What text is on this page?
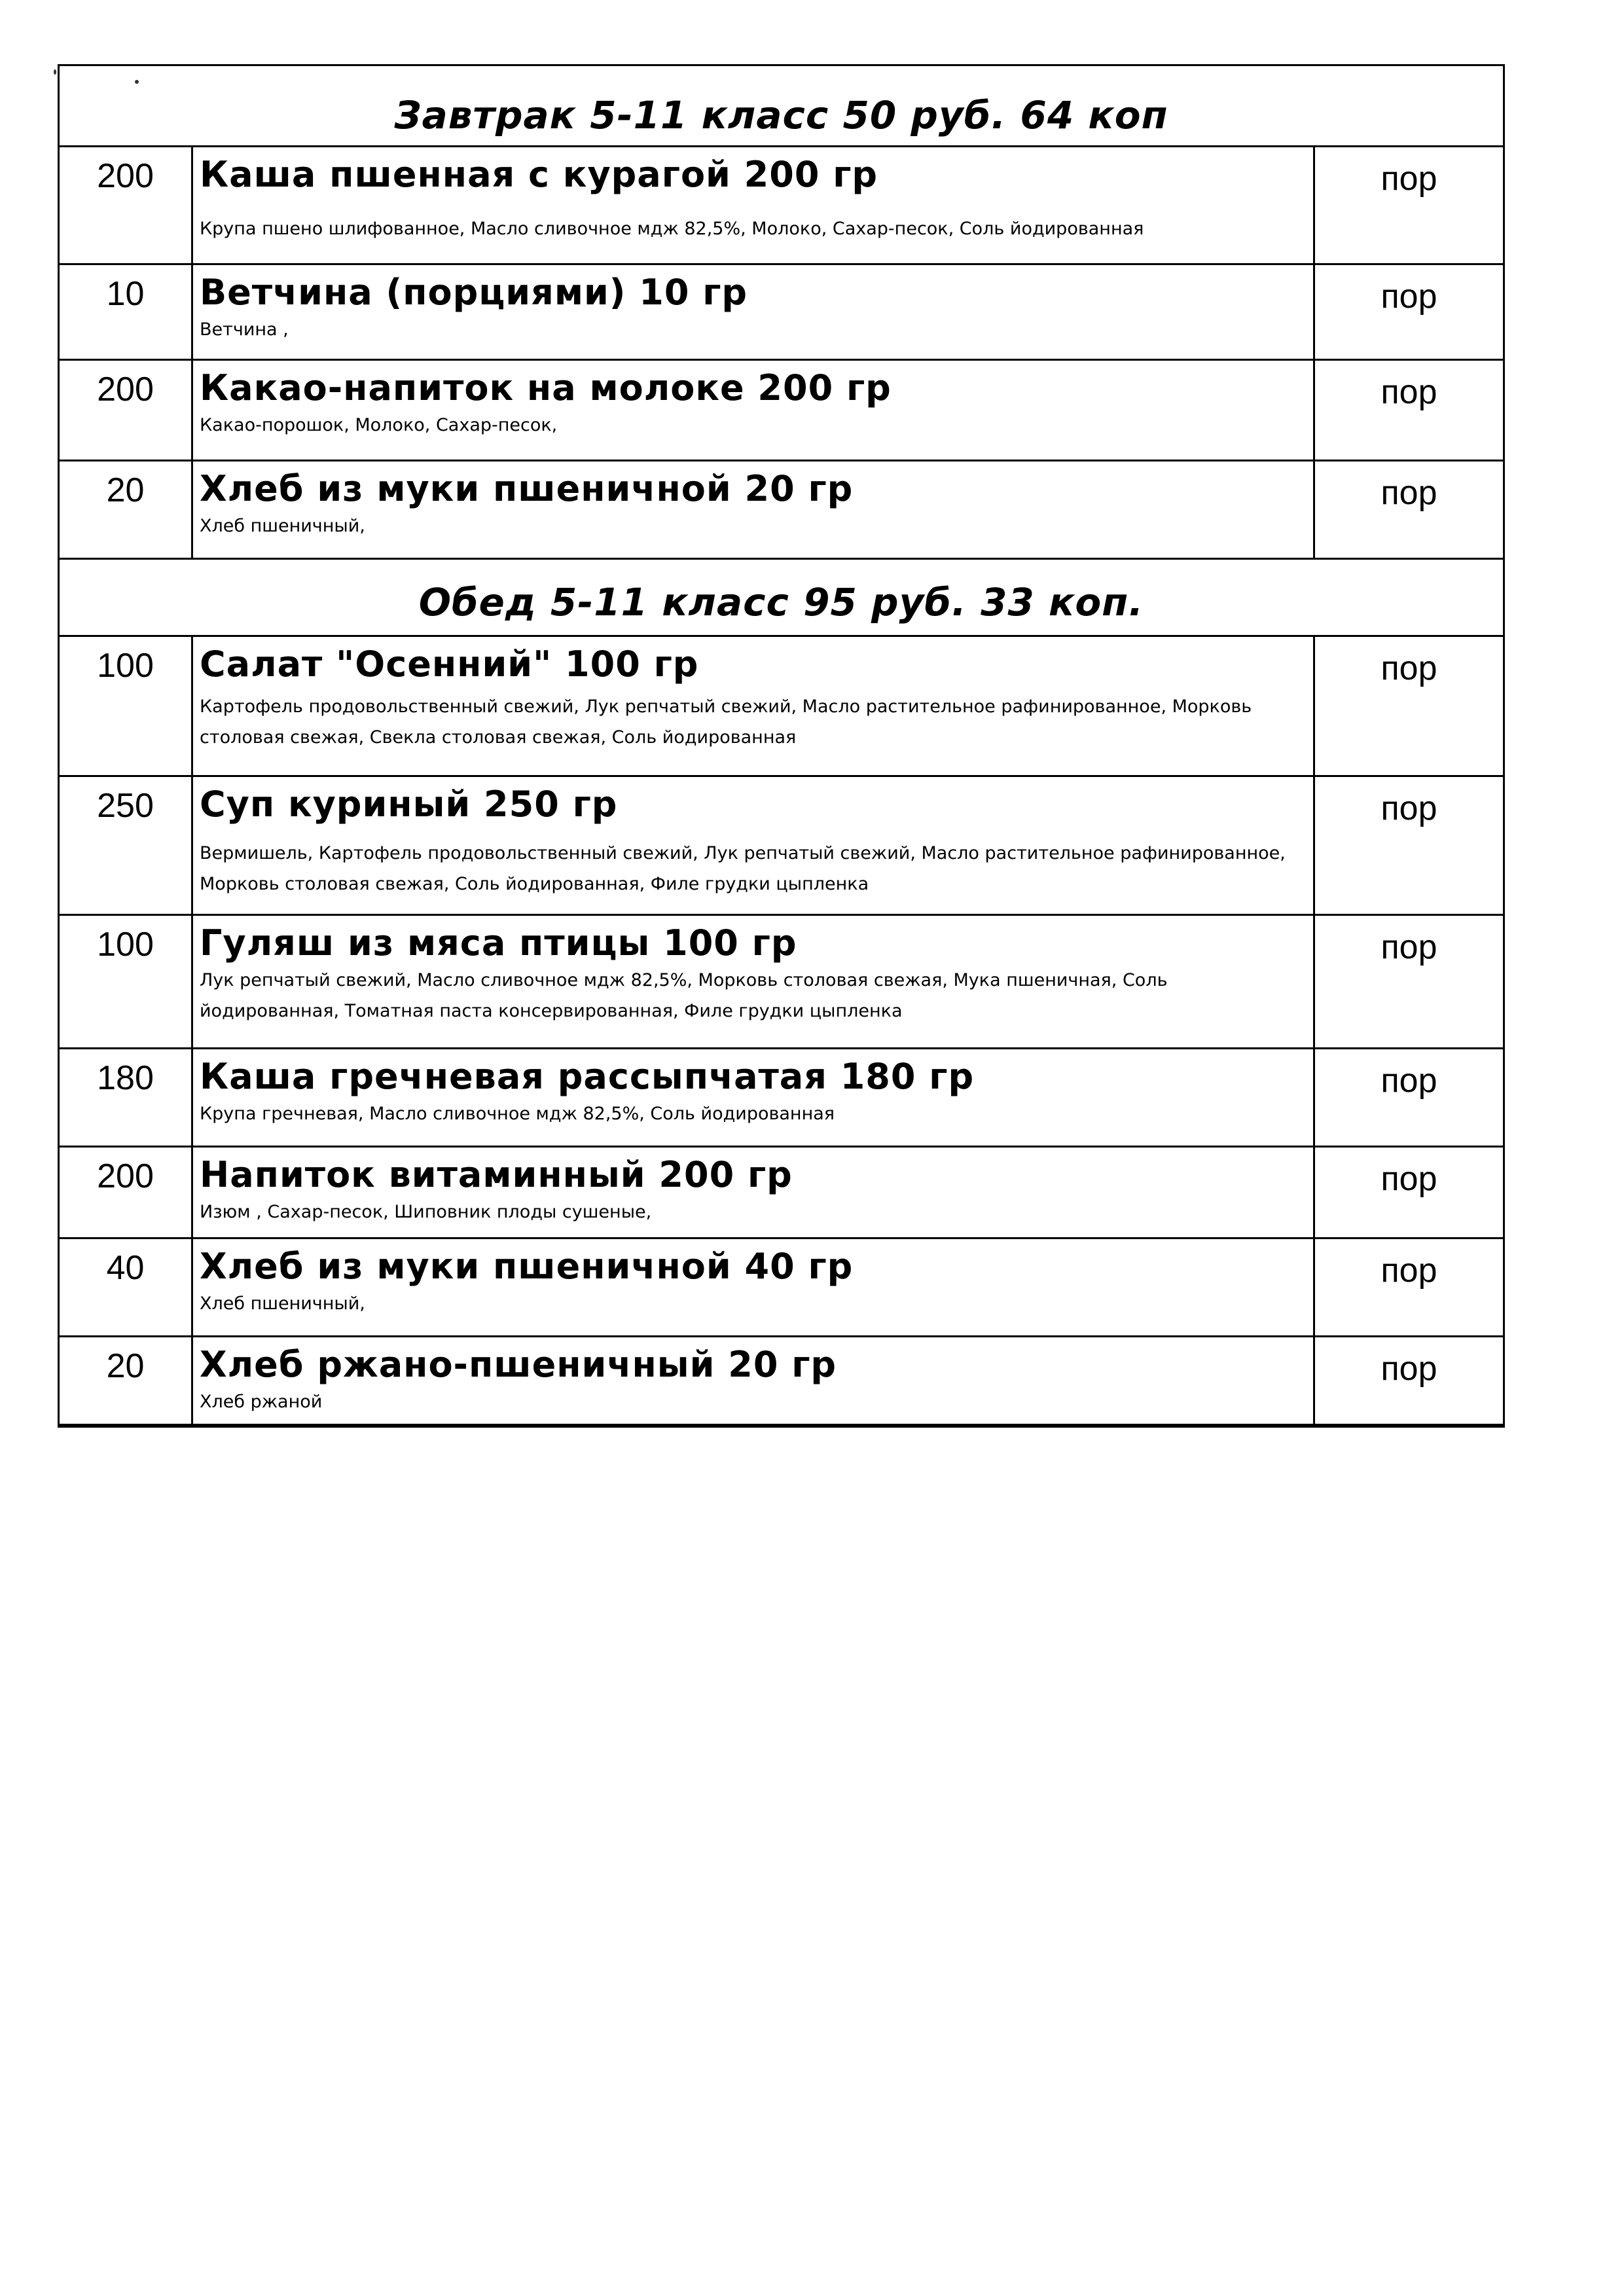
Завтрак 5-11 класс 50 руб. 64 коп		
200	Каша пшенная с курагой 200 гр
Крупа пшено шлифованное, Масло сливочное мдж 82,5%, Молоко, Сахар-песок, Соль йодированная	пор
10	Ветчина (порциями) 10 гр
Ветчина ,	пор
200	Какао-напиток на молоке 200 гр
Какао-порошок, Молоко, Сахар-песок,	пор
20	Хлеб из муки пшеничной 20 гр
Хлеб пшеничный,	пор
Обед 5-11 класс 95 руб. 33 коп.		
100	Салат "Осенний" 100 гр
Картофель продовольственный свежий, Лук репчатый свежий, Масло растительное рафинированное, Морковь столовая свежая, Свекла столовая свежая, Соль йодированная	пор
250	Суп куриный 250 гр
Вермишель, Картофель продовольственный свежий, Лук репчатый свежий, Масло растительное рафинированное, Морковь столовая свежая, Соль йодированная, Филе грудки цыпленка	пор
100	Гуляш из мяса птицы 100 гр
Лук репчатый свежий, Масло сливочное мдж 82,5%, Морковь столовая свежая, Мука пшеничная, Соль йодированная, Томатная паста консервированная, Филе грудки цыпленка	пор
180	Каша гречневая рассыпчатая 180 гр
Крупа гречневая, Масло сливочное мдж 82,5%, Соль йодированная	пор
200	Напиток витаминный 200 гр
Изюм , Сахар-песок, Шиповник плоды сушеные,	пор
40	Хлеб из муки пшеничной 40 гр
Хлеб пшеничный,	пор
20	Хлеб ржано-пшеничный 20 гр
Хлеб ржаной	пор
